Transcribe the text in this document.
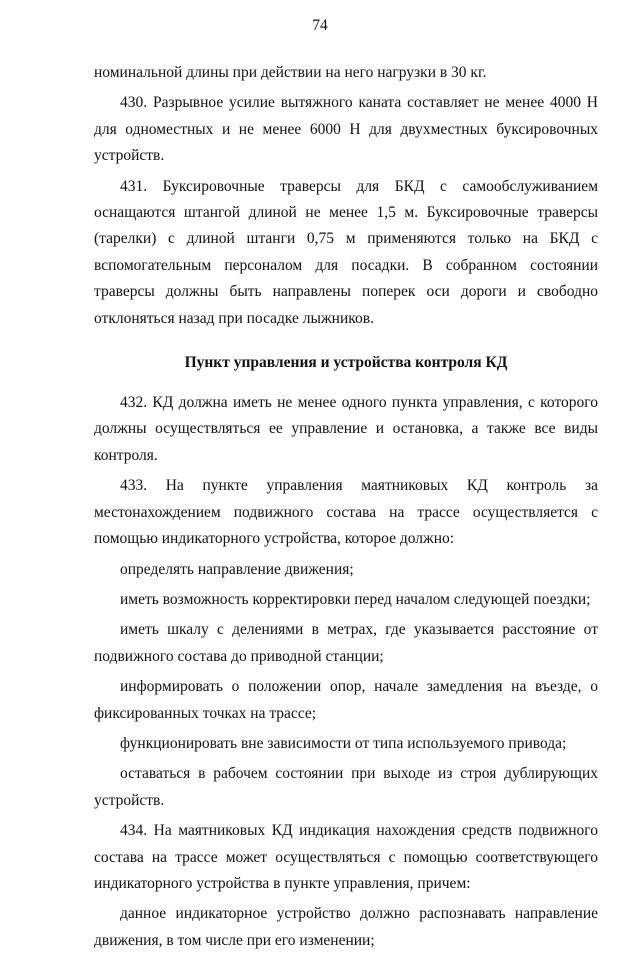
74

номинальной длины при действии на него нагрузки в 30 кг.

430. Разрывное усилие вытяжного каната составляет не менее 4000 Н для одноместных и не менее 6000 Н для двухместных буксировочных устройств.

431. Буксировочные траверсы для БКД с самообслуживанием оснащаются штангой длиной не менее 1,5 м. Буксировочные траверсы (тарелки) с длиной штанги 0,75 м применяются только на БКД с вспомогательным персоналом для посадки. В собранном состоянии траверсы должны быть направлены поперек оси дороги и свободно отклоняться назад при посадке лыжников.

Пункт управления и устройства контроля КД

432. КД должна иметь не менее одного пункта управления, с которого должны осуществляться ее управление и остановка, а также все виды контроля.

433. На пункте управления маятниковых КД контроль за местонахождением подвижного состава на трассе осуществляется с помощью индикаторного устройства, которое должно:

определять направление движения;

иметь возможность корректировки перед началом следующей поездки;

иметь шкалу с делениями в метрах, где указывается расстояние от подвижного состава до приводной станции;

информировать о положении опор, начале замедления на въезде, о фиксированных точках на трассе;

функционировать вне зависимости от типа используемого привода;

оставаться в рабочем состоянии при выходе из строя дублирующих устройств.

434. На маятниковых КД индикация нахождения средств подвижного состава на трассе может осуществляться с помощью соответствующего индикаторного устройства в пункте управления, причем:

данное индикаторное устройство должно распознавать направление движения, в том числе при его изменении;
